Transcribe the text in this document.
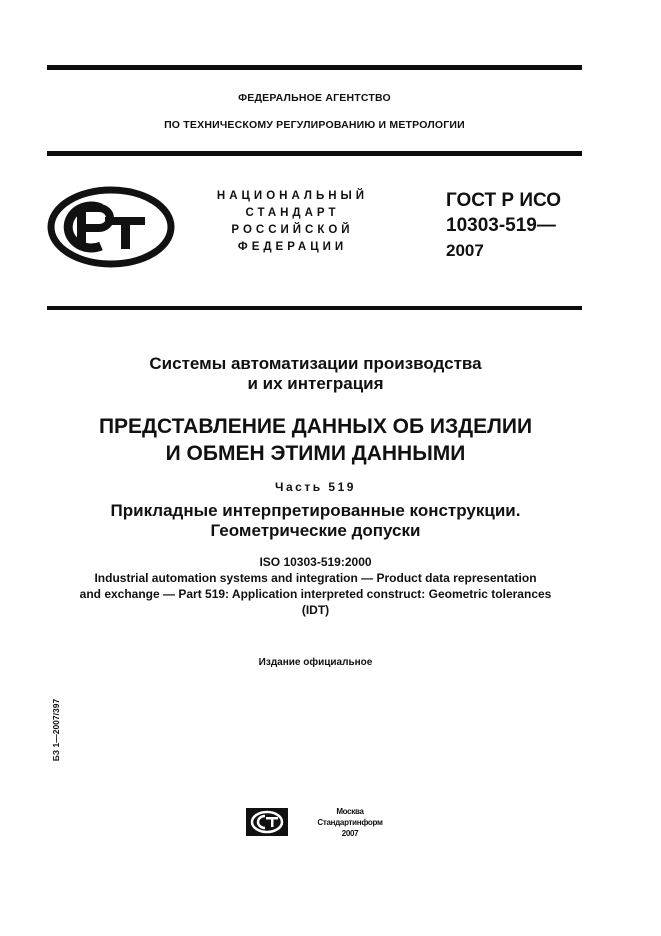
ФЕДЕРАЛЬНОЕ АГЕНТСТВО
ПО ТЕХНИЧЕСКОМУ РЕГУЛИРОВАНИЮ И МЕТРОЛОГИИ
НАЦИОНАЛЬНЫЙ
СТАНДАРТ
РОССИЙСКОЙ
ФЕДЕРАЦИИ
ГОСТ Р ИСО
10303-519—
2007
Системы автоматизации производства
и их интеграция
ПРЕДСТАВЛЕНИЕ ДАННЫХ ОБ ИЗДЕЛИИ
И ОБМЕН ЭТИМИ ДАННЫМИ
Часть 519
Прикладные интерпретированные конструкции.
Геометрические допуски
ISO 10303-519:2000
Industrial automation systems and integration — Product data representation
and exchange — Part 519: Application interpreted construct: Geometric tolerances
(IDT)
Издание официальное
БЗ 1—2007/397
Москва
Стандартинформ
2007
